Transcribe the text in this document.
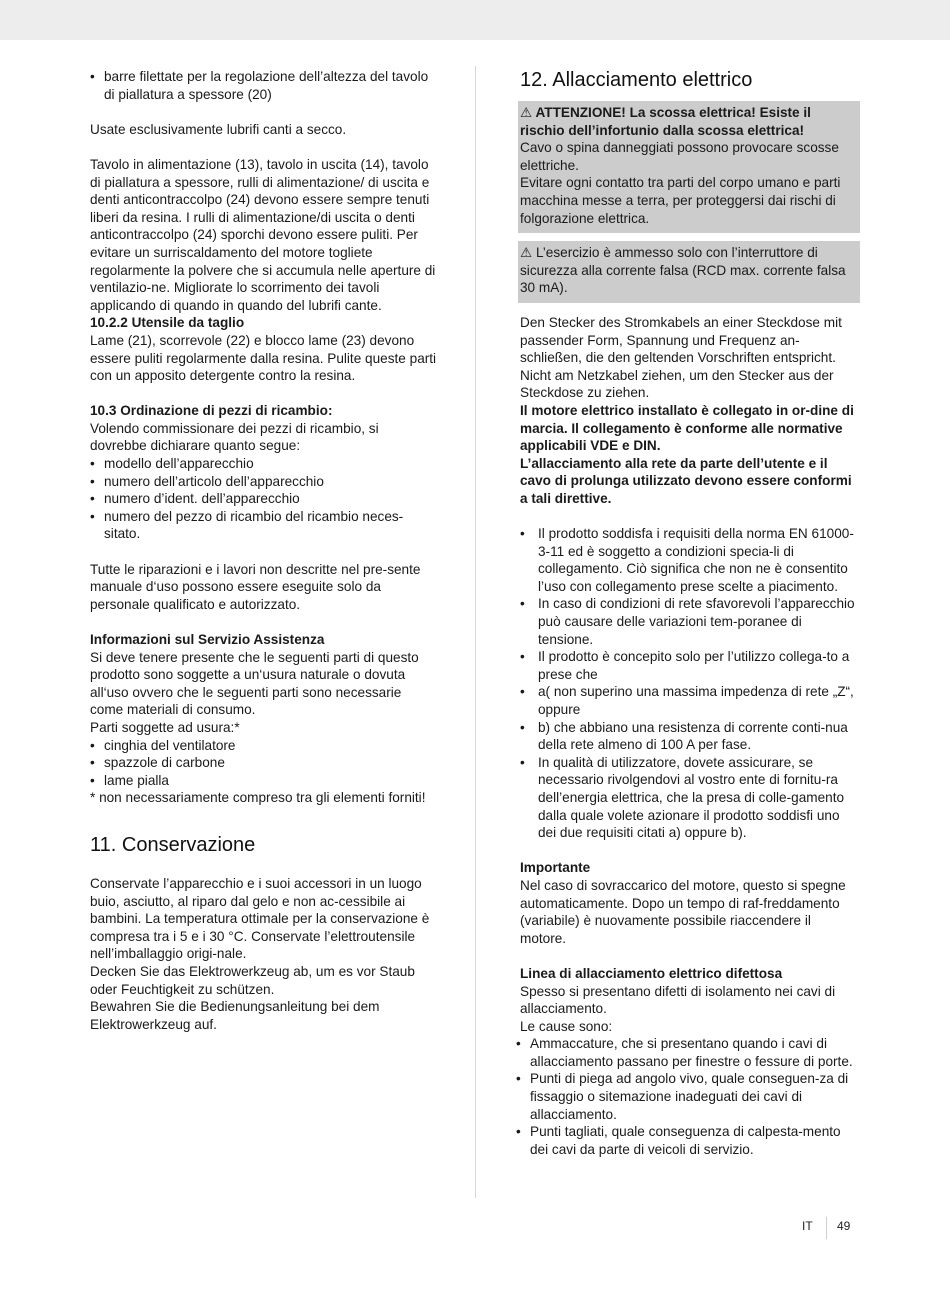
• barre filettate per la regolazione dell’altezza del tavolo di piallatura a spessore (20)

Usate esclusivamente lubrifi canti a secco.

Tavolo in alimentazione (13), tavolo in uscita (14), tavolo di piallatura a spessore, rulli di alimentazione/ di uscita e denti anticontraccolpo (24) devono essere sempre tenuti liberi da resina. I rulli di alimentazione/di uscita o denti anticontraccolpo (24) sporchi devono essere puliti. Per evitare un surriscaldamento del motore togliete regolarmente la polvere che si accumula nelle aperture di ventilazio-ne. Migliorate lo scorrimento dei tavoli applicando di quando in quando del lubrifi cante.

10.2.2 Utensile da taglio

Lame (21), scorrevole (22) e blocco lame (23) devono essere puliti regolarmente dalla resina. Pulite queste parti con un apposito detergente contro la resina.

10.3 Ordinazione di pezzi di ricambio:

Volendo commissionare dei pezzi di ricambio, si dovrebbe dichiarare quanto segue:

• modello dell’apparecchio
• numero dell’articolo dell’apparecchio
• numero d’ident. dell’apparecchio
• numero del pezzo di ricambio del ricambio neces-sitato.

Tutte le riparazioni e i lavori non descritte nel pre-sente manuale d‘uso possono essere eseguite solo da personale qualificato e autorizzato.

Informazioni sul Servizio Assistenza

Si deve tenere presente che le seguenti parti di questo prodotto sono soggette a un‘usura naturale o dovuta all‘uso ovvero che le seguenti parti sono necessarie come materiali di consumo.

Parti soggette ad usura:*

• cinghia del ventilatore
• spazzole di carbone
• lame pialla

* non necessariamente compreso tra gli elementi forniti!

11. Conservazione

Conservate l’apparecchio e i suoi accessori in un luogo buio, asciutto, al riparo dal gelo e non ac-cessibile ai bambini. La temperatura ottimale per la conservazione è compresa tra i 5 e i 30 °C. Conservate l’elettroutensile nell’imballaggio origi-nale.

Decken Sie das Elektrowerkzeug ab, um es vor Staub oder Feuchtigkeit zu schützen.

Bewahren Sie die Bedienungsanleitung bei dem Elektrowerkzeug auf.

12. Allacciamento elettrico

⚠ ATTENZIONE! La scossa elettrica! Esiste il rischio dell’infortunio dalla scossa elettrica!

Cavo o spina danneggiati possono provocare scosse elettriche.

Evitare ogni contatto tra parti del corpo umano e parti macchina messe a terra, per proteggersi dai rischi di folgorazione elettrica.

⚠ L’esercizio è ammesso solo con l’interruttore di sicurezza alla corrente falsa (RCD max. corrente falsa 30 mA).

Den Stecker des Stromkabels an einer Steckdose mit passender Form, Spannung und Frequenz an-schließen, die den geltenden Vorschriften entspricht. Nicht am Netzkabel ziehen, um den Stecker aus der Steckdose zu ziehen.

Il motore elettrico installato è collegato in or-dine di marcia. Il collegamento è conforme alle normative applicabili VDE e DIN.

L’allacciamento alla rete da parte dell’utente e il cavo di prolunga utilizzato devono essere conformi a tali direttive.

• Il prodotto soddisfa i requisiti della norma EN 61000-3-11 ed è soggetto a condizioni specia-li di collegamento. Ciò significa che non ne è consentito l’uso con collegamento prese scelte a piacimento.
• In caso di condizioni di rete sfavorevoli l’apparecchio può causare delle variazioni tem-poranee di tensione.
• Il prodotto è concepito solo per l’utilizzo collega-to a prese che
• a( non superino una massima impedenza di rete „Z“, oppure
• b) che abbiano una resistenza di corrente conti-nua della rete almeno di 100 A per fase.
• In qualità di utilizzatore, dovete assicurare, se necessario rivolgendovi al vostro ente di fornitu-ra dell’energia elettrica, che la presa di colle-gamento dalla quale volete azionare il prodotto soddisfi uno dei due requisiti citati a) oppure b).

Importante

Nel caso di sovraccarico del motore, questo si spegne automaticamente. Dopo un tempo di raf-freddamento (variabile) è nuovamente possibile riaccendere il motore.

Linea di allacciamento elettrico difettosa

Spesso si presentano difetti di isolamento nei cavi di allacciamento.

Le cause sono:

• Ammaccature, che si presentano quando i cavi di allacciamento passano per finestre o fessure di porte.
• Punti di piega ad angolo vivo, quale conseguen-za di fissaggio o sitemazione inadeguati dei cavi di allacciamento.
• Punti tagliati, quale conseguenza di calpesta-mento dei cavi da parte di veicoli di servizio.
IT 49
